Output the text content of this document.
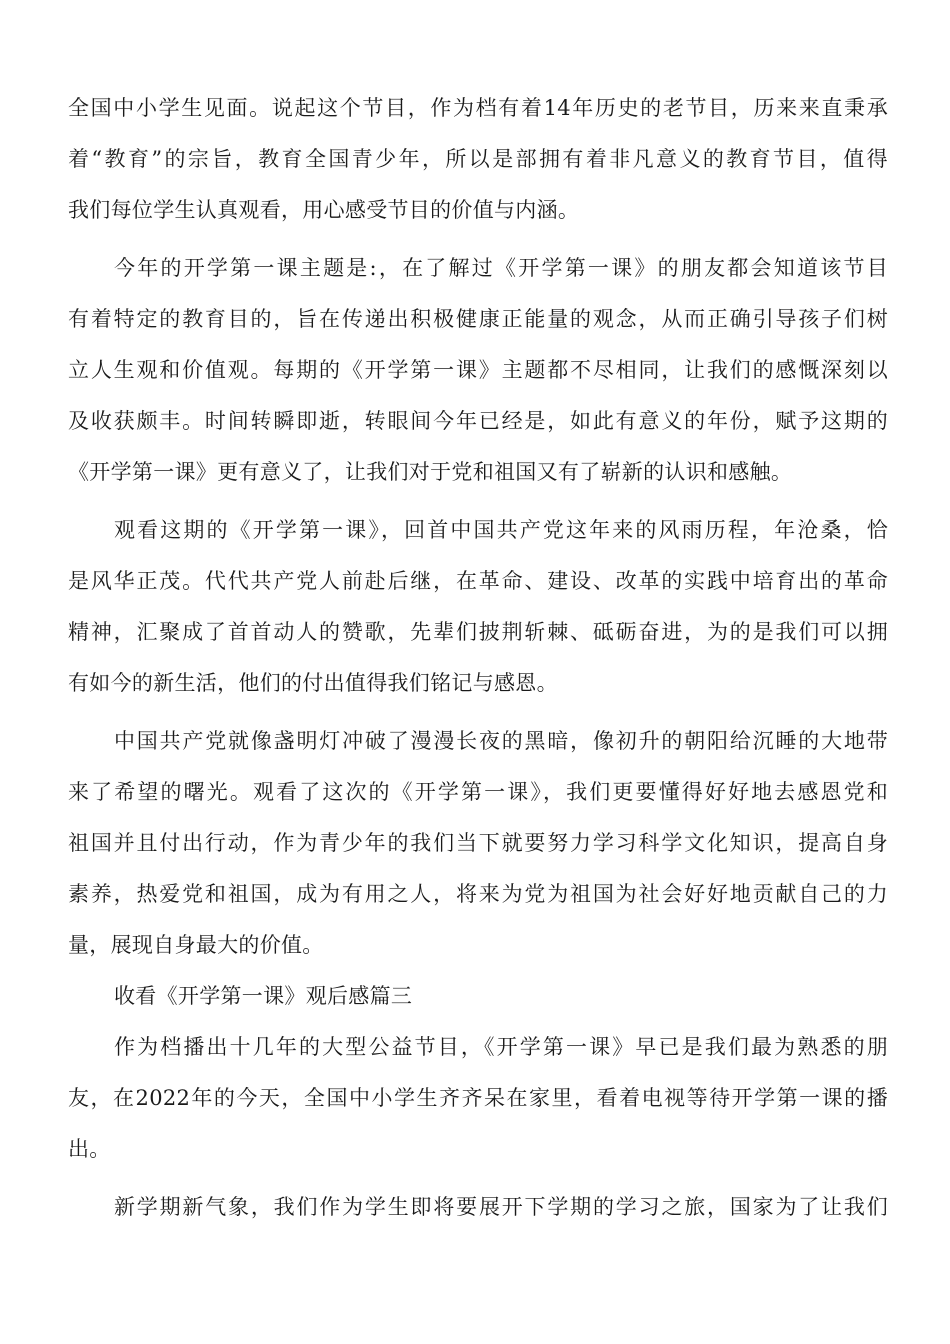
全国中小学生见面。说起这个节目，作为档有着14年历史的老节目，历来来直秉承
着“教育”的宗旨，教育全国青少年，所以是部拥有着非凡意义的教育节目，值得
我们每位学生认真观看，用心感受节目的价值与内涵。
今年的开学第一课主题是:，在了解过《开学第一课》的朋友都会知道该节目
有着特定的教育目的，旨在传递出积极健康正能量的观念，从而正确引导孩子们树
立人生观和价值观。每期的《开学第一课》主题都不尽相同，让我们的感慨深刻以
及收获颇丰。时间转瞬即逝，转眼间今年已经是，如此有意义的年份，赋予这期的
《开学第一课》更有意义了，让我们对于党和祖国又有了崭新的认识和感触。
观看这期的《开学第一课》，回首中国共产党这年来的风雨历程，年沧桑，恰
是风华正茂。代代共产党人前赴后继，在革命、建设、改革的实践中培育出的革命
精神，汇聚成了首首动人的赞歌，先辈们披荆斩棘、砥砺奋进，为的是我们可以拥
有如今的新生活，他们的付出值得我们铭记与感恩。
中国共产党就像盏明灯冲破了漫漫长夜的黑暗，像初升的朝阳给沉睡的大地带
来了希望的曙光。观看了这次的《开学第一课》，我们更要懂得好好地去感恩党和
祖国并且付出行动，作为青少年的我们当下就要努力学习科学文化知识，提高自身
素养，热爱党和祖国，成为有用之人，将来为党为祖国为社会好好地贡献自己的力
量，展现自身最大的价值。
收看《开学第一课》观后感篇三
作为档播出十几年的大型公益节目，《开学第一课》早已是我们最为熟悉的朋
友，在2022年的今天，全国中小学生齐齐呆在家里，看着电视等待开学第一课的播
出。
新学期新气象，我们作为学生即将要展开下学期的学习之旅，国家为了让我们
